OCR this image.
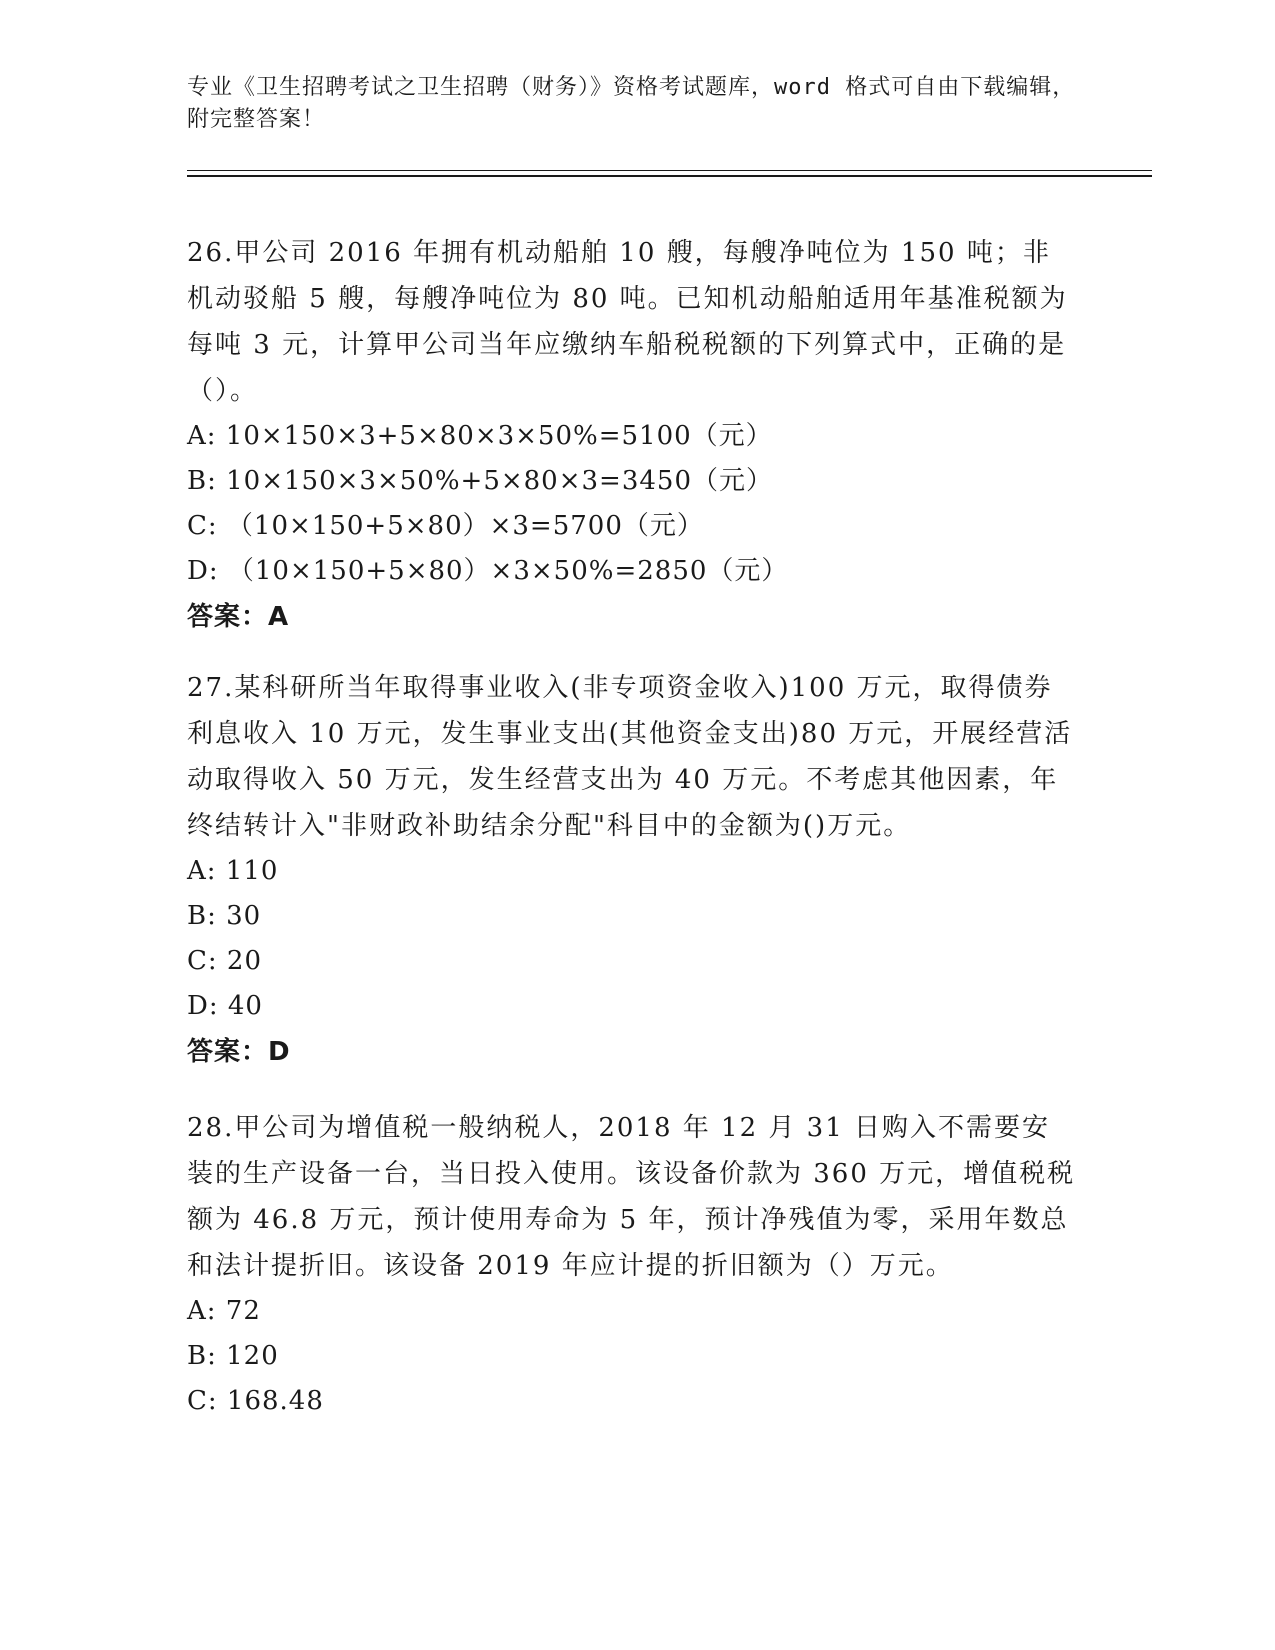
专业《卫生招聘考试之卫生招聘（财务）》资格考试题库，word 格式可自由下载编辑，附完整答案！

26.甲公司 2016 年拥有机动船舶 10 艘，每艘净吨位为 150 吨；非机动驳船 5 艘，每艘净吨位为 80 吨。已知机动船舶适用年基准税额为每吨 3 元，计算甲公司当年应缴纳车船税税额的下列算式中，正确的是（）。

A: 10×150×3+5×80×3×50%=5100（元）

B: 10×150×3×50%+5×80×3=3450（元）

C: （10×150+5×80）×3=5700（元）

D: （10×150+5×80）×3×50%=2850（元）

答案：A

27.某科研所当年取得事业收入(非专项资金收入)100 万元，取得债券利息收入 10 万元，发生事业支出(其他资金支出)80 万元，开展经营活动取得收入 50 万元，发生经营支出为 40 万元。不考虑其他因素，年终结转计入"非财政补助结余分配"科目中的金额为()万元。

A: 110

B: 30

C: 20

D: 40

答案：D

28.甲公司为增值税一般纳税人，2018 年 12 月 31 日购入不需要安装的生产设备一台，当日投入使用。该设备价款为 360 万元，增值税税额为 46.8 万元，预计使用寿命为 5 年，预计净残值为零，采用年数总和法计提折旧。该设备 2019 年应计提的折旧额为（）万元。

A: 72

B: 120

C: 168.48
